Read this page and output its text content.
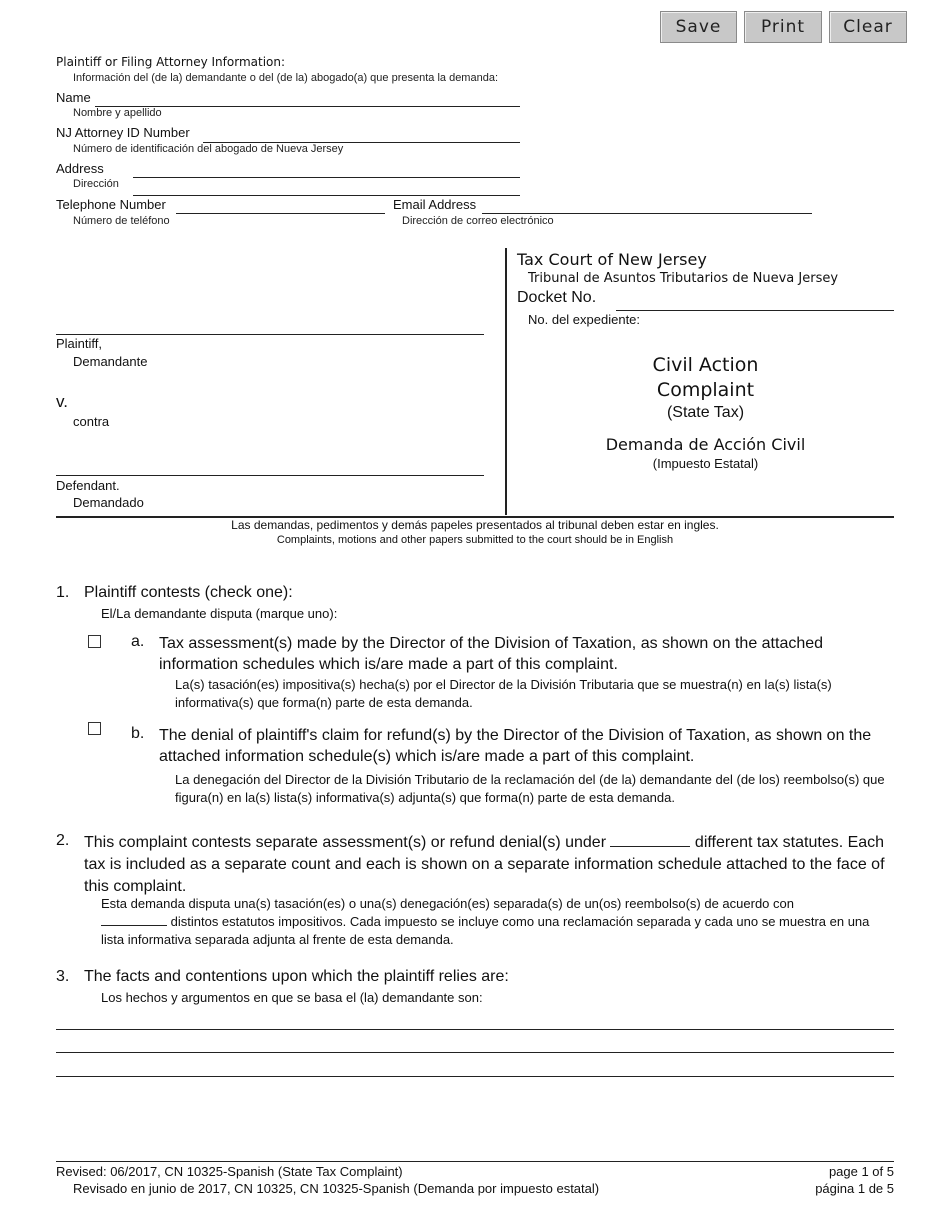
Save	Print	Clear
Plaintiff or Filing Attorney Information:
Información del (de la) demandante o del (de la) abogado(a) que presenta la demanda:
Name
Nombre y apellido
NJ Attorney ID Number
Número de identificación del abogado de Nueva Jersey
Address
Dirección
Telephone Number
Número de teléfono
Email Address
Dirección de correo electrónico
Plaintiff,
Demandante
v.
contra
Defendant.
Demandado
Tax Court of New Jersey
Tribunal de Asuntos Tributarios de Nueva Jersey
Docket No.
No. del expediente:
Civil Action
Complaint
(State Tax)
Demanda de Acción Civil
(Impuesto Estatal)
Las demandas, pedimentos y demás papeles presentados al tribunal deben estar en ingles.
Complaints, motions and other papers submitted to the court should be in English
1. Plaintiff contests (check one):
El/La demandante disputa (marque uno):
a. Tax assessment(s) made by the Director of the Division of Taxation, as shown on the attached information schedules which is/are made a part of this complaint.
La(s) tasación(es) impositiva(s) hecha(s) por el Director de la División Tributaria que se muestra(n) en la(s) lista(s) informativa(s) que forma(n) parte de esta demanda.
b. The denial of plaintiff's claim for refund(s) by the Director of the Division of Taxation, as shown on the attached information schedule(s) which is/are made a part of this complaint.
La denegación del Director de la División Tributario de la reclamación del (de la) demandante del (de los) reembolso(s) que figura(n) en la(s) lista(s) informativa(s) adjunta(s) que forma(n) parte de esta demanda.
2. This complaint contests separate assessment(s) or refund denial(s) under	different tax statutes. Each tax is included as a separate count and each is shown on a separate information schedule attached to the face of this complaint.
Esta demanda disputa una(s) tasación(es) o una(s) denegación(es) separada(s) de un(os) reembolso(s) de acuerdo con
distintos estatutos impositivos. Cada impuesto se incluye como una reclamación separada y cada uno se muestra en una lista informativa separada adjunta al frente de esta demanda.
3. The facts and contentions upon which the plaintiff relies are:
Los hechos y argumentos en que se basa el (la) demandante son:
Revised: 06/2017, CN 10325-Spanish (State Tax Complaint)
Revisado en junio de 2017, CN 10325, CN 10325-Spanish (Demanda por impuesto estatal)
page 1 of 5
página 1 de 5
